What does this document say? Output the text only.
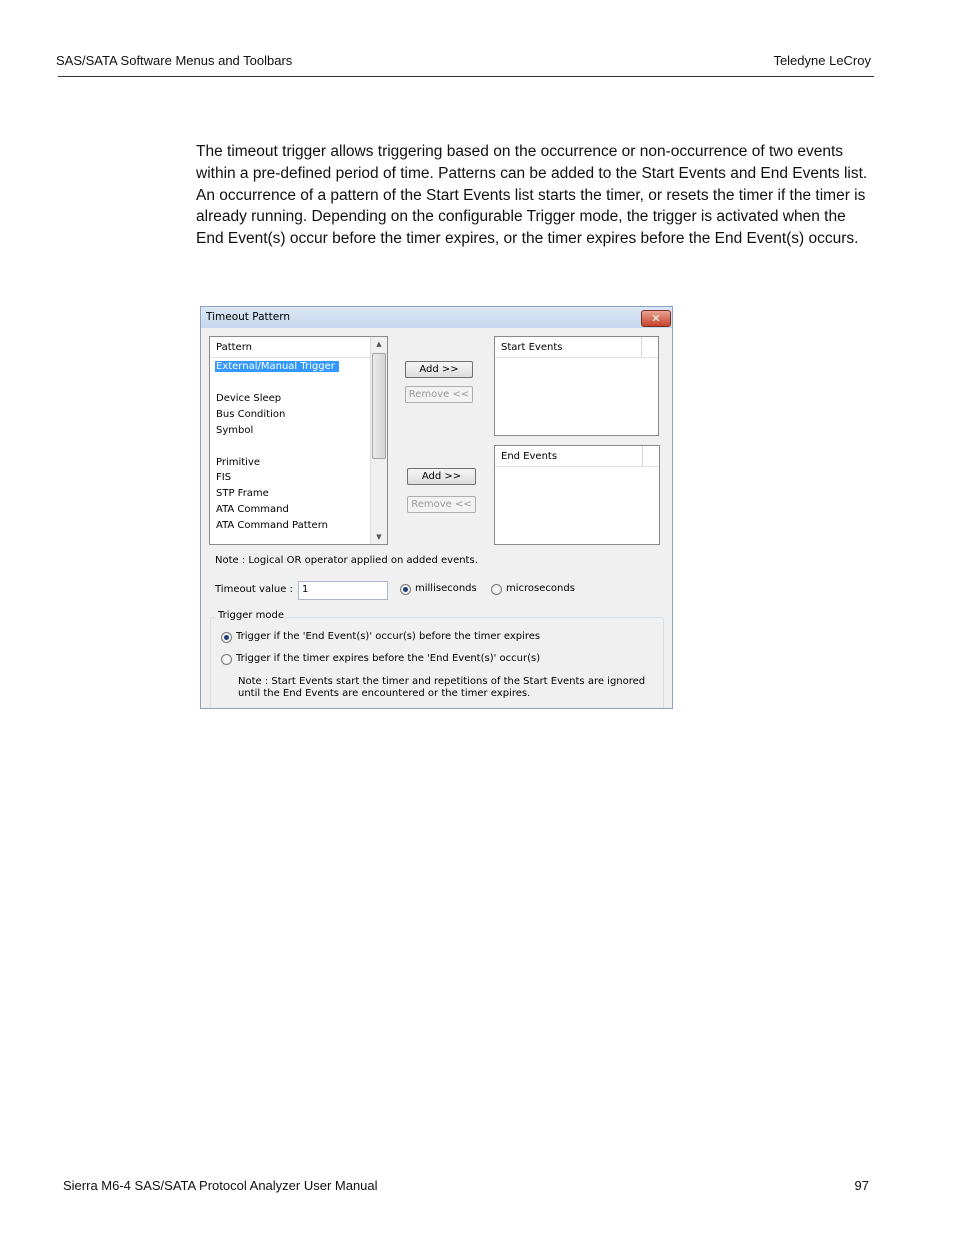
SAS/SATA Software Menus and Toolbars	Teledyne LeCroy

The timeout trigger allows triggering based on the occurrence or non-occurrence of two events within a pre-defined period of time. Patterns can be added to the Start Events and End Events list. An occurrence of a pattern of the Start Events list starts the timer, or resets the timer if the timer is already running. Depending on the configurable Trigger mode, the trigger is activated when the End Event(s) occur before the timer expires, or the timer expires before the End Event(s) occurs.

Timeout Pattern	✕
Pattern
External/Manual Trigger
Device Sleep
Bus Condition
Symbol
Primitive
FIS
STP Frame
ATA Command
ATA Command Pattern
▲
▼
Add >>
Remove <<
Start Events
Add >>
Remove <<
End Events
Note : Logical OR operator applied on added events.
Timeout value : 1	milliseconds	microseconds
Trigger mode
Trigger if the 'End Event(s)' occur(s) before the timer expires
Trigger if the timer expires before the 'End Event(s)' occur(s)
Note : Start Events start the timer and repetitions of the Start Events are ignored until the End Events are encountered or the timer expires.
Sierra M6-4 SAS/SATA Protocol Analyzer User Manual	97
